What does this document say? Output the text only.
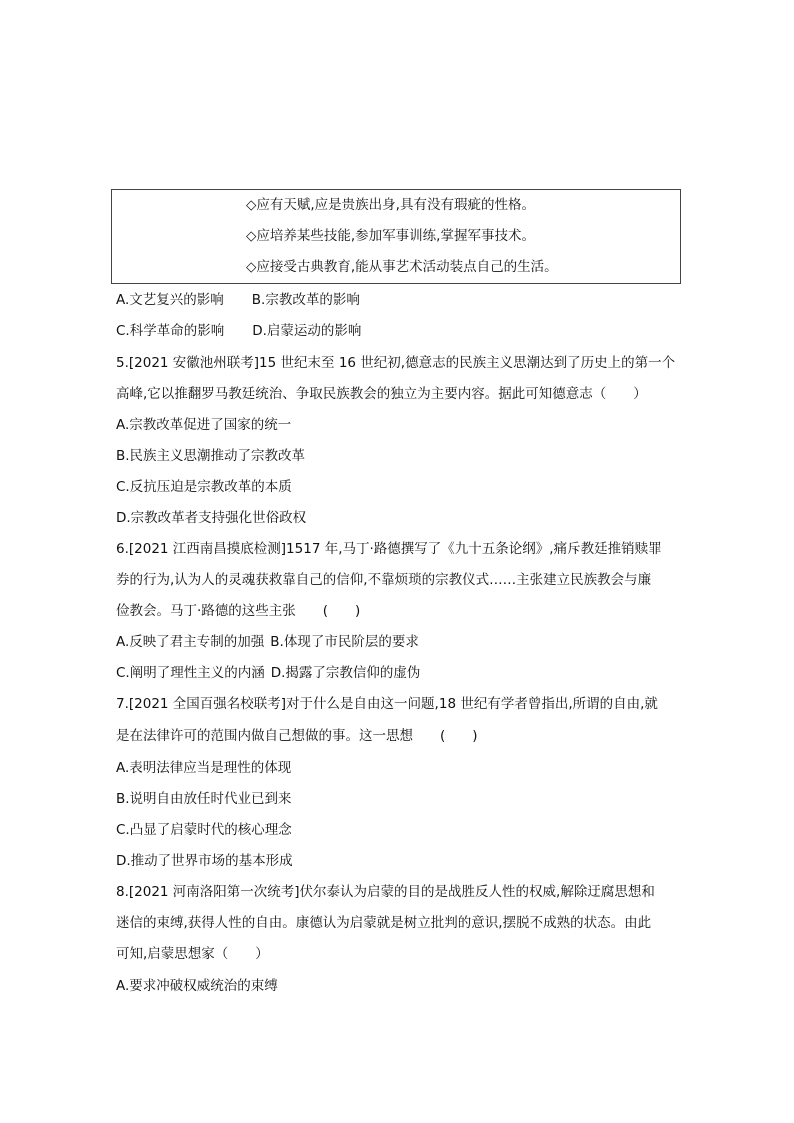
◇应有天赋,应是贵族出身,具有没有瑕疵的性格。
◇应培养某些技能,参加军事训练,掌握军事技术。
◇应接受古典教育,能从事艺术活动装点自己的生活。
A.文艺复兴的影响 B.宗教改革的影响
C.科学革命的影响 D.启蒙运动的影响
5.[2021 安徽池州联考]15 世纪末至 16 世纪初,德意志的民族主义思潮达到了历史上的第一个
高峰,它以推翻罗马教廷统治、争取民族教会的独立为主要内容。据此可知德意志（　　）
A.宗教改革促进了国家的统一
B.民族主义思潮推动了宗教改革
C.反抗压迫是宗教改革的本质
D.宗教改革者支持强化世俗政权
6.[2021 江西南昌摸底检测]1517 年,马丁·路德撰写了《九十五条论纲》,痛斥教廷推销赎罪
券的行为,认为人的灵魂获救靠自己的信仰,不靠烦琐的宗教仪式……主张建立民族教会与廉
俭教会。马丁·路德的这些主张　　(　　)
A.反映了君主专制的加强 B.体现了市民阶层的要求
C.阐明了理性主义的内涵 D.揭露了宗教信仰的虚伪
7.[2021 全国百强名校联考]对于什么是自由这一问题,18 世纪有学者曾指出,所谓的自由,就
是在法律许可的范围内做自己想做的事。这一思想　　(　　)
A.表明法律应当是理性的体现
B.说明自由放任时代业已到来
C.凸显了启蒙时代的核心理念
D.推动了世界市场的基本形成
8.[2021 河南洛阳第一次统考]伏尔泰认为启蒙的目的是战胜反人性的权威,解除迂腐思想和
迷信的束缚,获得人性的自由。康德认为启蒙就是树立批判的意识,摆脱不成熟的状态。由此
可知,启蒙思想家（　　）
A.要求冲破权威统治的束缚
